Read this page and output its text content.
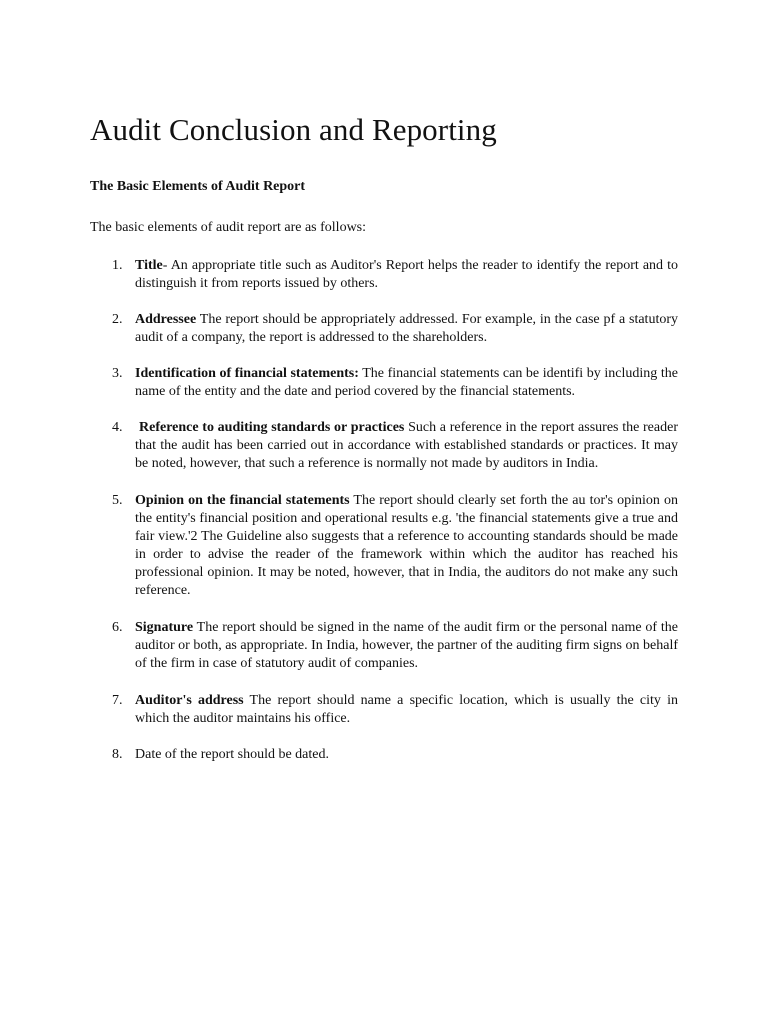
Audit Conclusion and Reporting
The Basic Elements of Audit Report

The basic elements of audit report are as follows:

1. Title- An appropriate title such as Auditor's Report helps the reader to identify the report and to distinguish it from reports issued by others.
2. Addressee The report should be appropriately addressed. For example, in the case pf a statutory audit of a company, the report is addressed to the shareholders.
3. Identification of financial statements: The financial statements can be identifi by including the name of the entity and the date and period covered by the financial statements.
4.	Reference to auditing standards or practices Such a reference in the report assures the reader that the audit has been carried out in accordance with established standards or practices. It may be noted, however, that such a reference is normally not made by auditors in India.
5. Opinion on the financial statements The report should clearly set forth the au tor's opinion on the entity's financial position and operational results e.g. 'the financial statements give a true and fair view.'2 The Guideline also suggests that a reference to accounting standards should be made in order to advise the reader of the framework within which the auditor has reached his professional opinion. It may be noted, however, that in India, the auditors do not make any such reference.
6. Signature The report should be signed in the name of the audit firm or the personal name of the auditor or both, as appropriate. In India, however, the partner of the auditing firm signs on behalf of the firm in case of statutory audit of companies.
7. Auditor's address The report should name a specific location, which is usually the city in which the auditor maintains his office.
8. Date of the report should be dated.
